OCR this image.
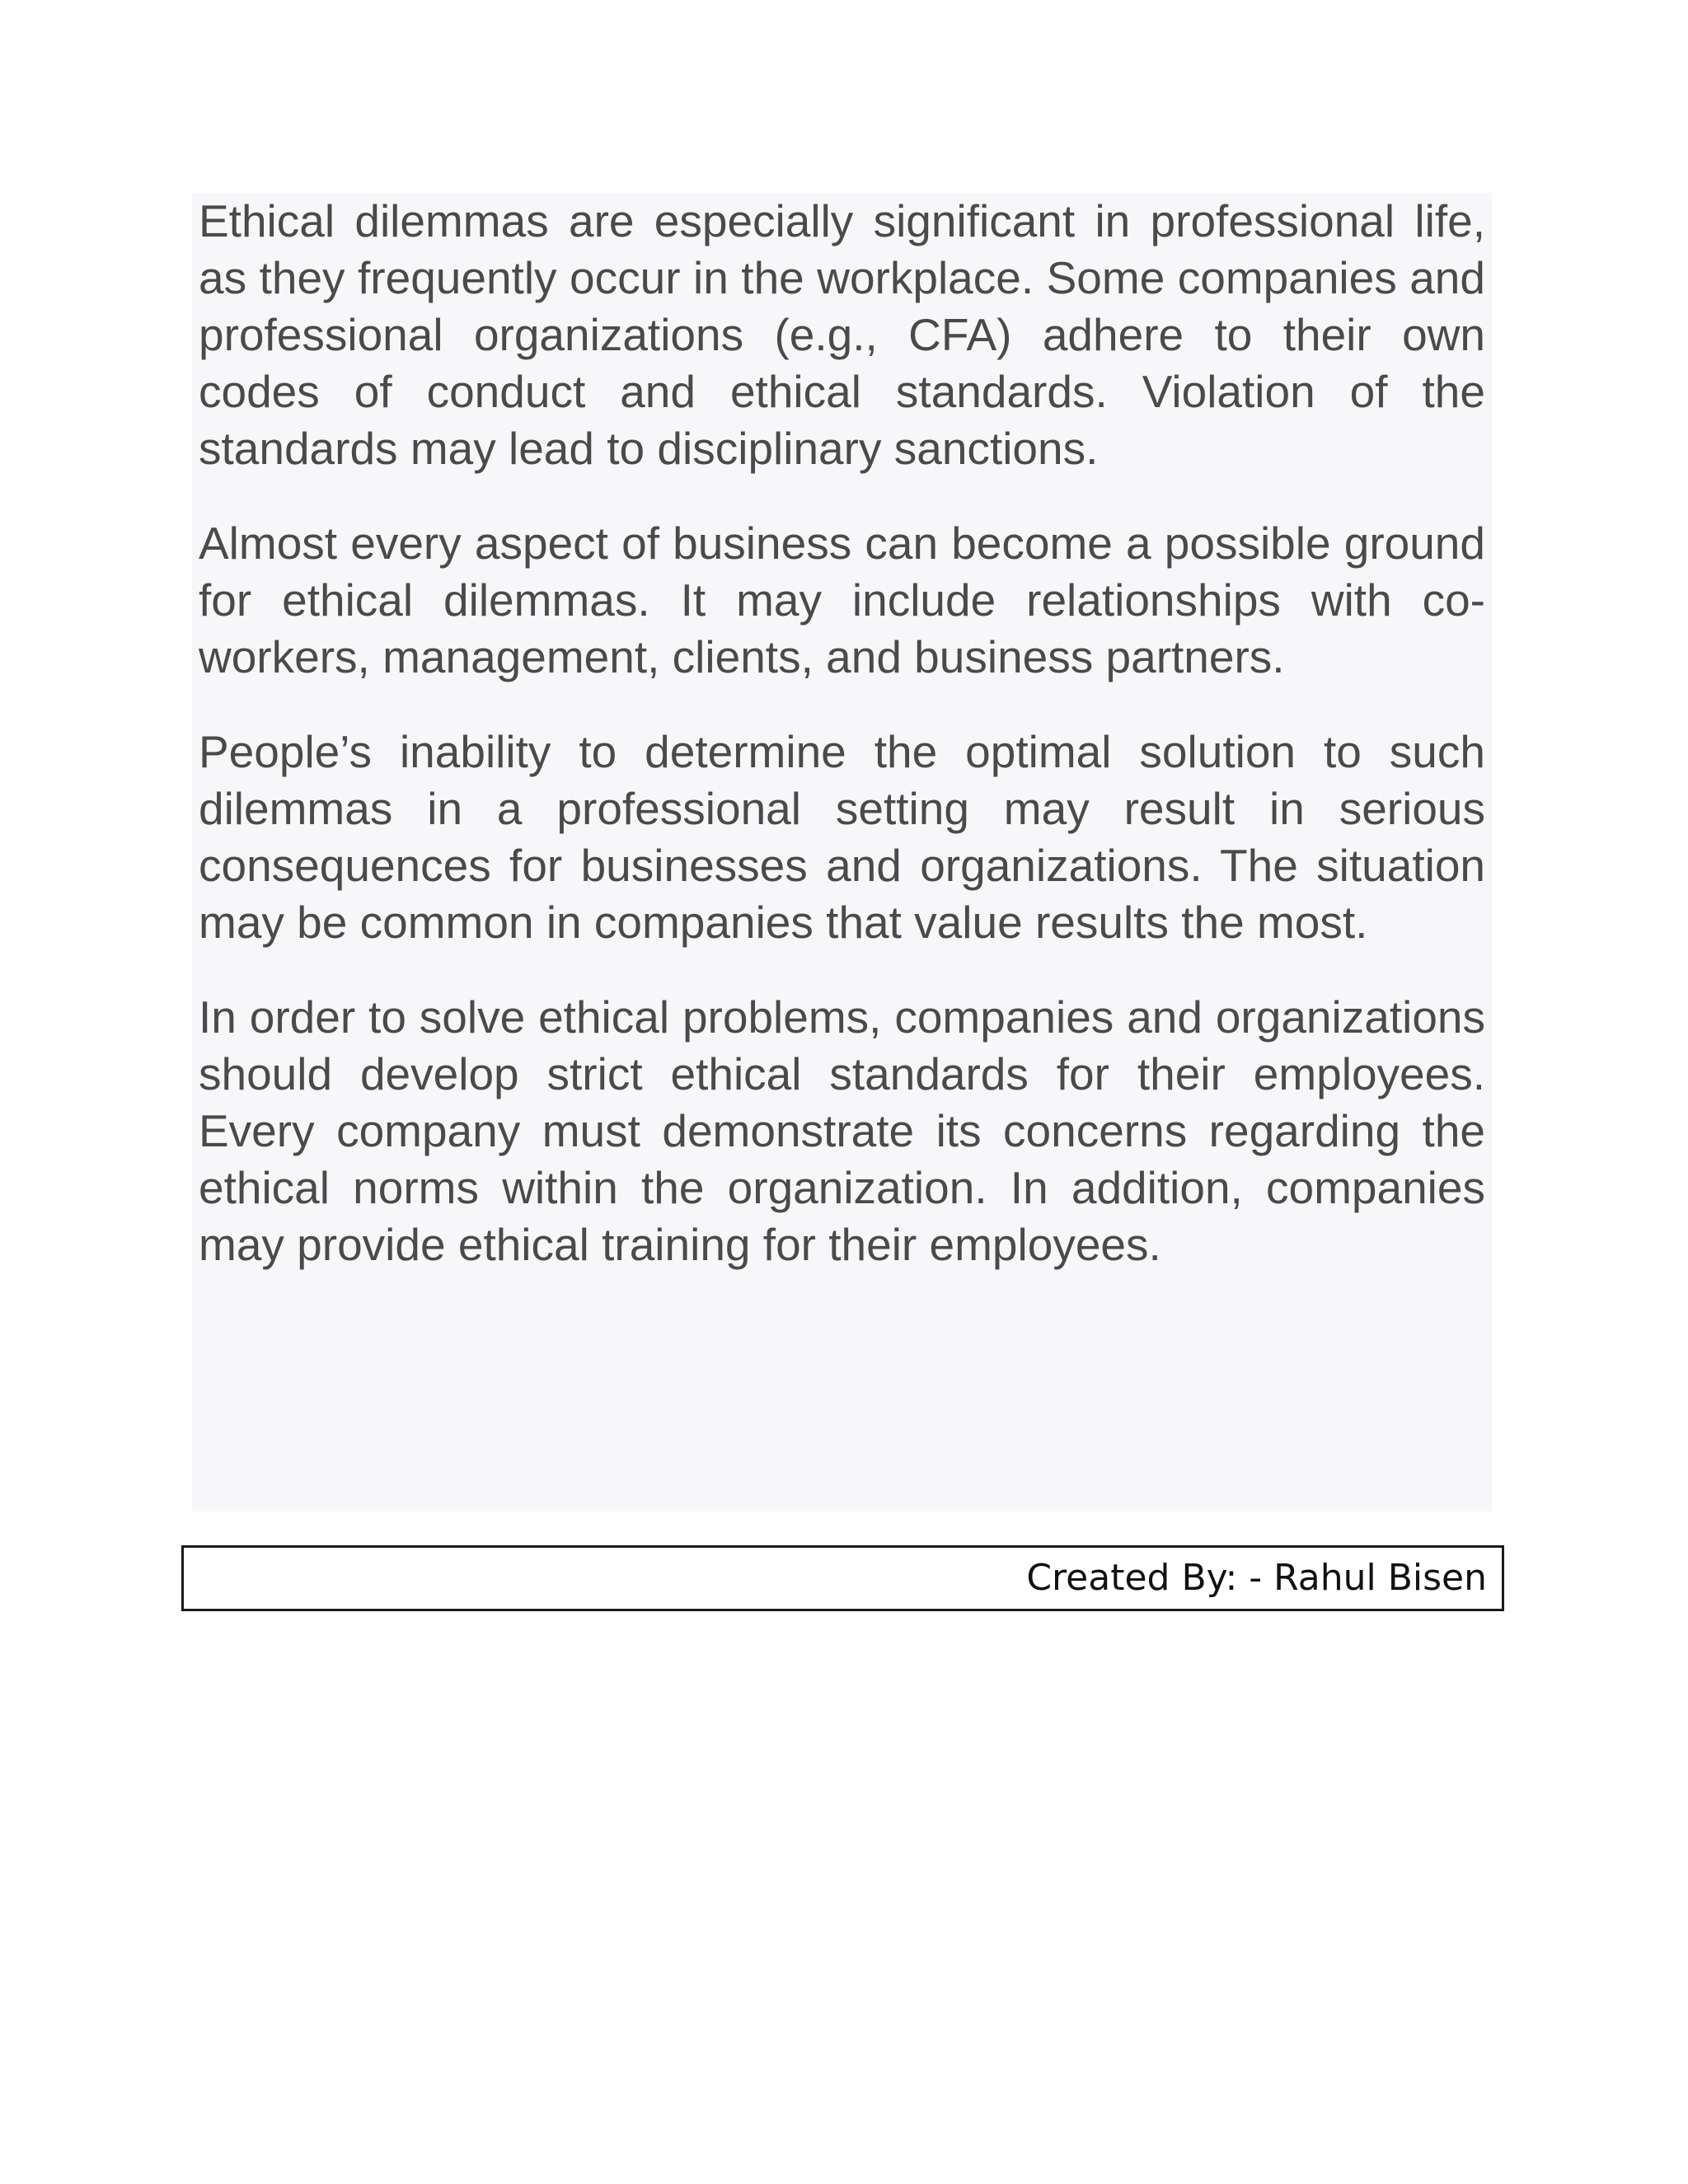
Ethical dilemmas are especially significant in professional life, as they frequently occur in the workplace. Some companies and professional organizations (e.g., CFA) adhere to their own codes of conduct and ethical standards. Violation of the standards may lead to disciplinary sanctions.

Almost every aspect of business can become a possible ground for ethical dilemmas. It may include relationships with co-workers, management, clients, and business partners.

People’s inability to determine the optimal solution to such dilemmas in a professional setting may result in serious consequences for businesses and organizations. The situation may be common in companies that value results the most.

In order to solve ethical problems, companies and organizations should develop strict ethical standards for their employees. Every company must demonstrate its concerns regarding the ethical norms within the organization. In addition, companies may provide ethical training for their employees.

Created By: - Rahul Bisen
